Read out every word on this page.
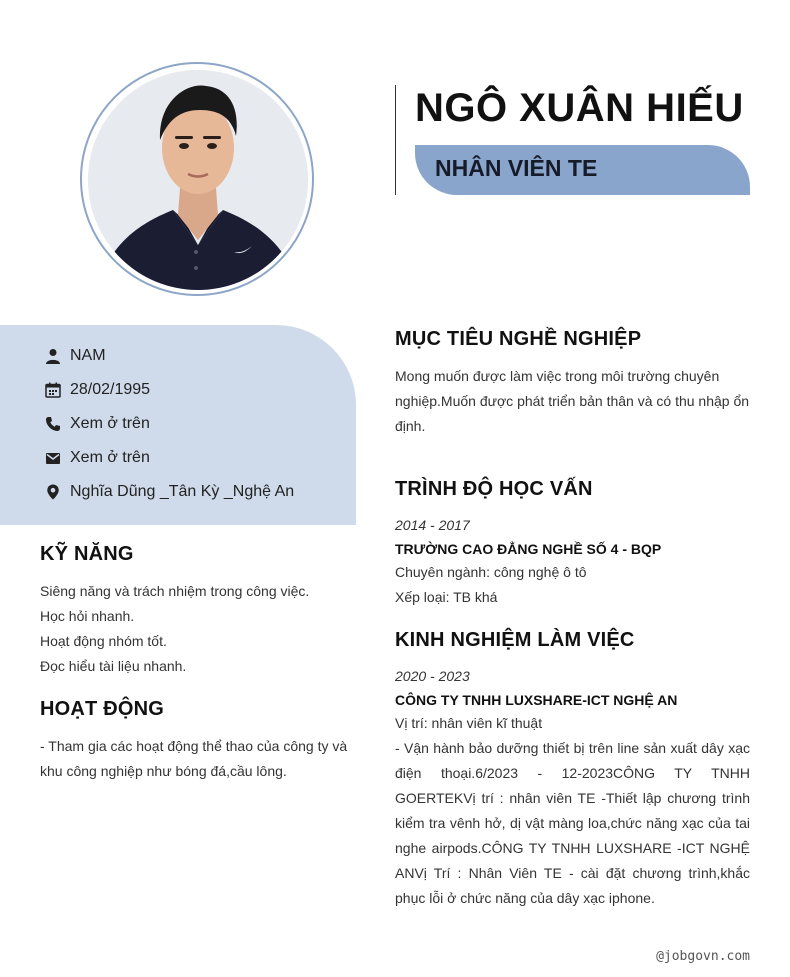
NGÔ XUÂN HIẾU
NHÂN VIÊN TE
NAM
28/02/1995
Xem ở trên
Xem ở trên
Nghĩa Dũng _Tân Kỳ _Nghệ An
KỸ NĂNG
Siêng năng và trách nhiệm trong công việc.
Học hỏi nhanh.
Hoạt động nhóm tốt.
Đọc hiểu tài liệu nhanh.
HOẠT ĐỘNG
- Tham gia các hoạt động thể thao của công ty và khu công nghiệp như bóng đá,cầu lông.
MỤC TIÊU NGHỀ NGHIỆP
Mong muốn được làm việc trong môi trường chuyên nghiệp.Muốn được phát triển bản thân và có thu nhập ổn định.
TRÌNH ĐỘ HỌC VẤN
2014 - 2017
TRƯỜNG CAO ĐẲNG NGHỀ SỐ 4 - BQP
Chuyên ngành: công nghệ ô tô
Xếp loại: TB khá
KINH NGHIỆM LÀM VIỆC
2020 - 2023
CÔNG TY TNHH LUXSHARE-ICT NGHỆ AN
Vị trí: nhân viên kĩ thuật
- Vận hành bảo dưỡng thiết bị trên line sản xuất dây xạc điện thoại.6/2023 - 12-2023CÔNG TY TNHH GOERTEKVị trí : nhân viên TE -Thiết lập chương trình kiểm tra vênh hở, dị vật màng loa,chức năng xạc của tai nghe airpods.CÔNG TY TNHH LUXSHARE -ICT NGHỆ ANVị Trí : Nhân Viên TE - cài đặt chương trình,khắc phục lỗi ở chức năng của dây xạc iphone.
@jobgovn.com
